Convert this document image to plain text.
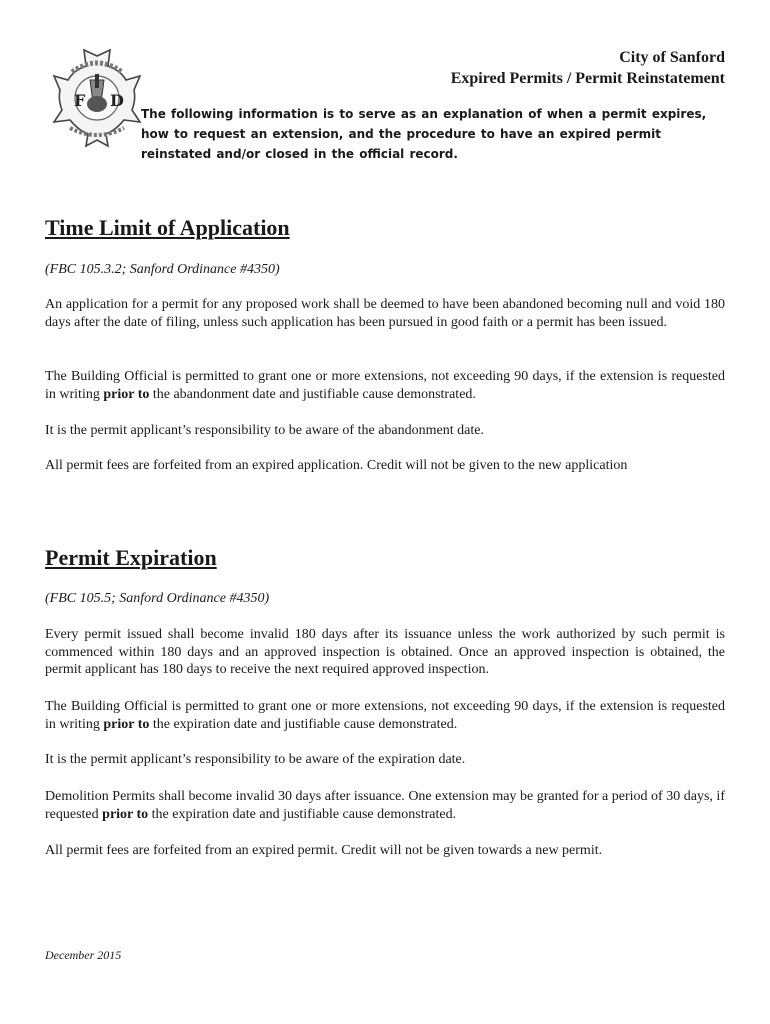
F D
City of Sanford
Expired Permits / Permit Reinstatement
The following information is to serve as an explanation of when a permit expires, how to request an extension, and the procedure to have an expired permit reinstated and/or closed in the official record.
Time Limit of Application
(FBC 105.3.2; Sanford Ordinance #4350)

An application for a permit for any proposed work shall be deemed to have been abandoned becoming null and void 180 days after the date of filing, unless such application has been pursued in good faith or a permit has been issued.

The Building Official is permitted to grant one or more extensions, not exceeding 90 days, if the extension is requested in writing prior to the abandonment date and justifiable cause demonstrated.

It is the permit applicant’s responsibility to be aware of the abandonment date.

All permit fees are forfeited from an expired application. Credit will not be given to the new application

Permit Expiration
(FBC 105.5; Sanford Ordinance #4350)

Every permit issued shall become invalid 180 days after its issuance unless the work authorized by such permit is commenced within 180 days and an approved inspection is obtained. Once an approved inspection is obtained, the permit applicant has 180 days to receive the next required approved inspection.

The Building Official is permitted to grant one or more extensions, not exceeding 90 days, if the extension is requested in writing prior to the expiration date and justifiable cause demonstrated.

It is the permit applicant’s responsibility to be aware of the expiration date.

Demolition Permits shall become invalid 30 days after issuance. One extension may be granted for a period of 30 days, if requested prior to the expiration date and justifiable cause demonstrated.

All permit fees are forfeited from an expired permit. Credit will not be given towards a new permit.

December 2015
